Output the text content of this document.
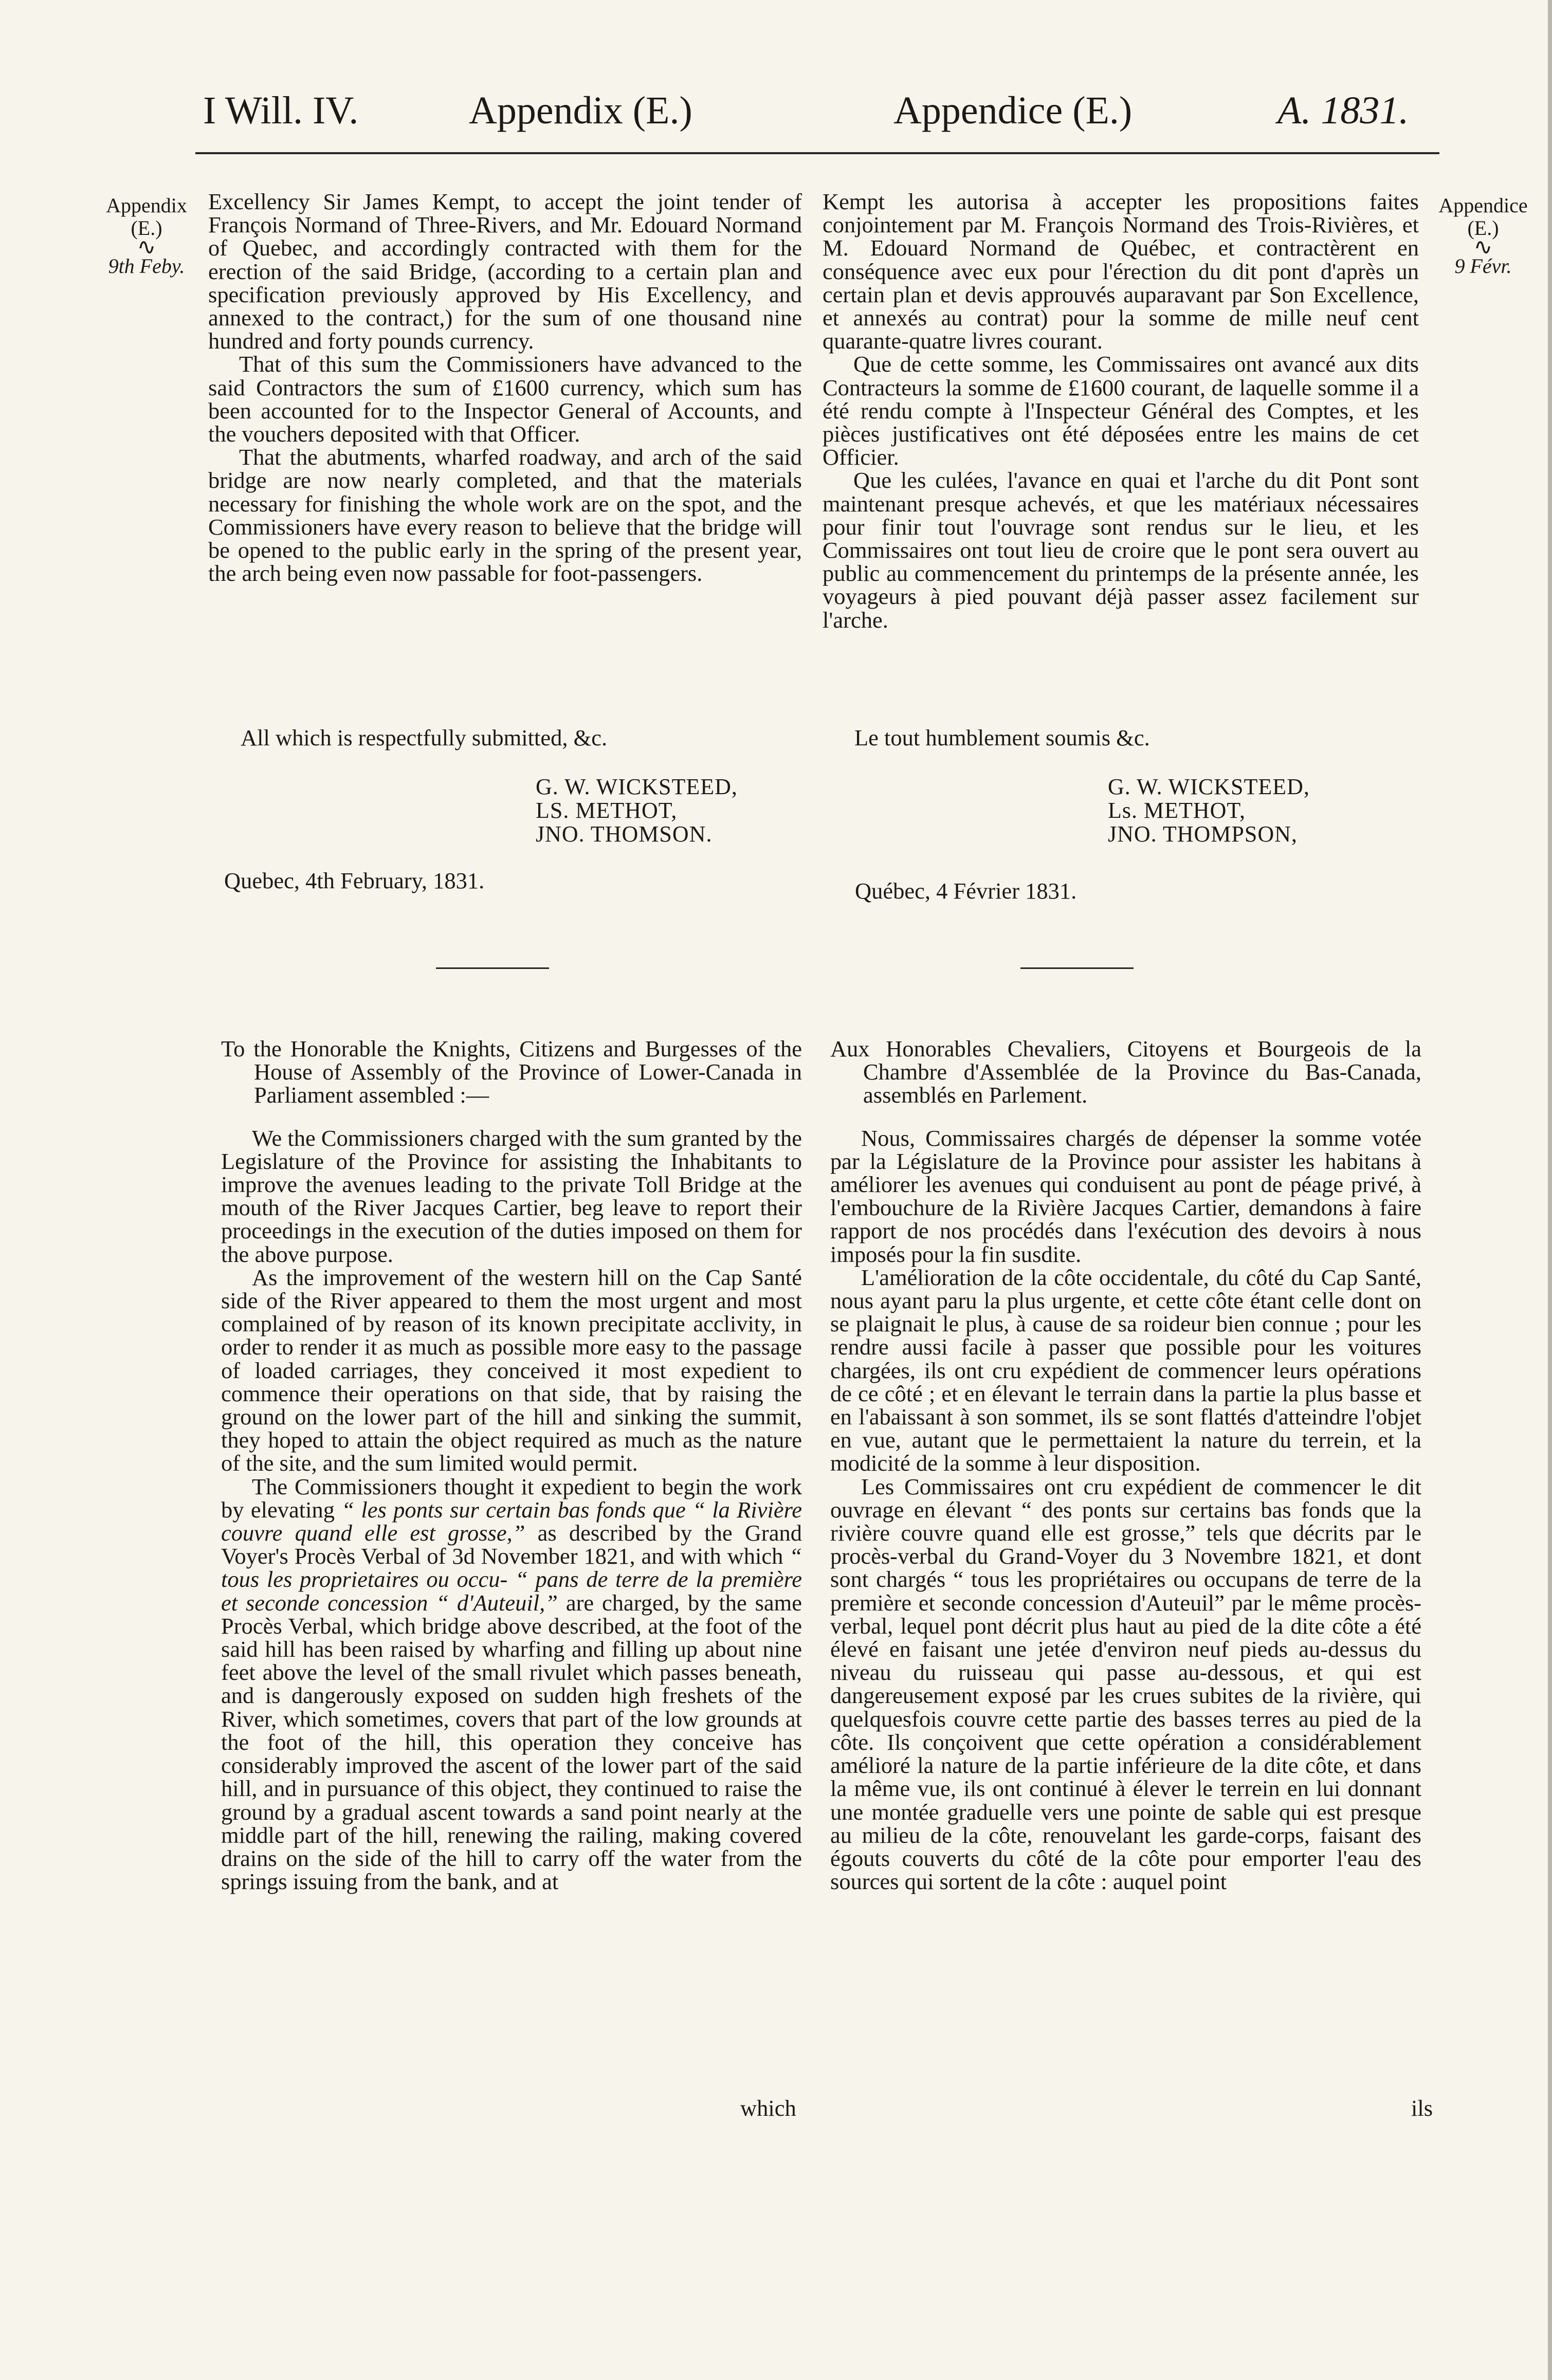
I Will. IV.	Appendix (E.)	Appendice (E.)	A. 1831.
Appendix
(E.)
∿
9th Feby.
Appendice
(E.)
∿
9 Févr.

Excellency Sir James Kempt, to accept the joint tender of François Normand of Three-Rivers, and Mr. Edouard Normand of Quebec, and accordingly contracted with them for the erection of the said Bridge, (according to a certain plan and specification previously approved by His Excellency, and annexed to the contract,) for the sum of one thousand nine hundred and forty pounds currency.

That of this sum the Commissioners have advanced to the said Contractors the sum of £1600 currency, which sum has been accounted for to the Inspector General of Accounts, and the vouchers deposited with that Officer.

That the abutments, wharfed roadway, and arch of the said bridge are now nearly completed, and that the materials necessary for finishing the whole work are on the spot, and the Commissioners have every reason to believe that the bridge will be opened to the public early in the spring of the present year, the arch being even now passable for foot-passengers.

All which is respectfully submitted, &c.
G. W. WICKSTEED,
LS. METHOT,
JNO. THOMSON.
Quebec, 4th February, 1831.

Kempt les autorisa à accepter les propositions faites conjointement par M. François Normand des Trois-Rivières, et M. Edouard Normand de Québec, et contractèrent en conséquence avec eux pour l'érection du dit pont d'après un certain plan et devis approuvés auparavant par Son Excellence, et annexés au contrat) pour la somme de mille neuf cent quarante-quatre livres courant.

Que de cette somme, les Commissaires ont avancé aux dits Contracteurs la somme de £1600 courant, de laquelle somme il a été rendu compte à l'Inspecteur Général des Comptes, et les pièces justificatives ont été déposées entre les mains de cet Officier.

Que les culées, l'avance en quai et l'arche du dit Pont sont maintenant presque achevés, et que les matériaux nécessaires pour finir tout l'ouvrage sont rendus sur le lieu, et les Commissaires ont tout lieu de croire que le pont sera ouvert au public au commencement du printemps de la présente année, les voyageurs à pied pouvant déjà passer assez facilement sur l'arche.

Le tout humblement soumis &c.
G. W. WICKSTEED,
Ls. METHOT,
JNO. THOMPSON,
Québec, 4 Février 1831.

To the Honorable the Knights, Citizens and Burgesses of the House of Assembly of the Province of Lower-Canada in Parliament assembled :—

We the Commissioners charged with the sum granted by the Legislature of the Province for assisting the Inhabitants to improve the avenues leading to the private Toll Bridge at the mouth of the River Jacques Cartier, beg leave to report their proceedings in the execution of the duties imposed on them for the above purpose.

As the improvement of the western hill on the Cap Santé side of the River appeared to them the most urgent and most complained of by reason of its known precipitate acclivity, in order to render it as much as possible more easy to the passage of loaded carriages, they conceived it most expedient to commence their operations on that side, that by raising the ground on the lower part of the hill and sinking the summit, they hoped to attain the object required as much as the nature of the site, and the sum limited would permit.

The Commissioners thought it expedient to begin the work by elevating “ les ponts sur certain bas fonds que “ la Rivière couvre quand elle est grosse,” as described by the Grand Voyer's Procès Verbal of 3d November 1821, and with which “ tous les proprietaires ou occu- “ pans de terre de la première et seconde concession “ d'Auteuil,” are charged, by the same Procès Verbal, which bridge above described, at the foot of the said hill has been raised by wharfing and filling up about nine feet above the level of the small rivulet which passes beneath, and is dangerously exposed on sudden high freshets of the River, which sometimes, covers that part of the low grounds at the foot of the hill, this operation they conceive has considerably improved the ascent of the lower part of the said hill, and in pursuance of this object, they continued to raise the ground by a gradual ascent towards a sand point nearly at the middle part of the hill, renewing the railing, making covered drains on the side of the hill to carry off the water from the springs issuing from the bank, and at

which

Aux Honorables Chevaliers, Citoyens et Bourgeois de la Chambre d'Assemblée de la Province du Bas-Canada, assemblés en Parlement.

Nous, Commissaires chargés de dépenser la somme votée par la Législature de la Province pour assister les habitans à améliorer les avenues qui conduisent au pont de péage privé, à l'embouchure de la Rivière Jacques Cartier, demandons à faire rapport de nos procédés dans l'exécution des devoirs à nous imposés pour la fin susdite.

L'amélioration de la côte occidentale, du côté du Cap Santé, nous ayant paru la plus urgente, et cette côte étant celle dont on se plaignait le plus, à cause de sa roideur bien connue ; pour les rendre aussi facile à passer que possible pour les voitures chargées, ils ont cru expédient de commencer leurs opérations de ce côté ; et en élevant le terrain dans la partie la plus basse et en l'abaissant à son sommet, ils se sont flattés d'atteindre l'objet en vue, autant que le permettaient la nature du terrein, et la modicité de la somme à leur disposition.

Les Commissaires ont cru expédient de commencer le dit ouvrage en élevant “ des ponts sur certains bas fonds que la rivière couvre quand elle est grosse,” tels que décrits par le procès-verbal du Grand-Voyer du 3 Novembre 1821, et dont sont chargés “ tous les propriétaires ou occupans de terre de la première et seconde concession d'Auteuil” par le même procès-verbal, lequel pont décrit plus haut au pied de la dite côte a été élevé en faisant une jetée d'environ neuf pieds au-dessus du niveau du ruisseau qui passe au-dessous, et qui est dangereusement exposé par les crues subites de la rivière, qui quelquesfois couvre cette partie des basses terres au pied de la côte. Ils conçoivent que cette opération a considérablement amélioré la nature de la partie inférieure de la dite côte, et dans la même vue, ils ont continué à élever le terrein en lui donnant une montée graduelle vers une pointe de sable qui est presque au milieu de la côte, renouvelant les garde-corps, faisant des égouts couverts du côté de la côte pour emporter l'eau des sources qui sortent de la côte : auquel point

ils
